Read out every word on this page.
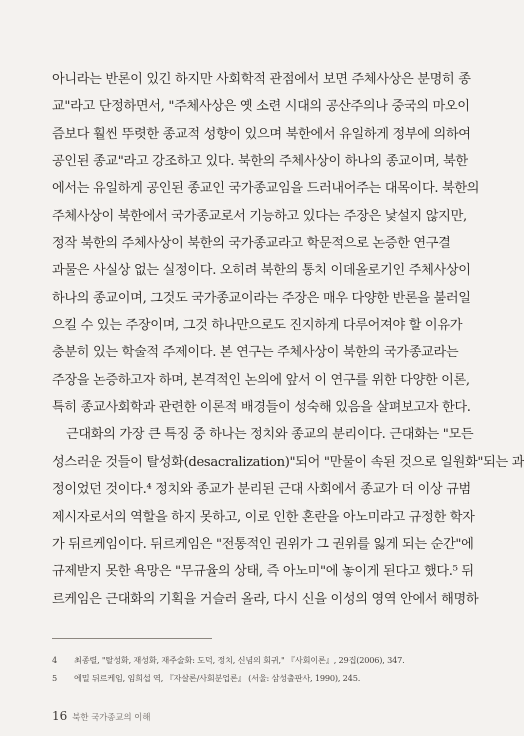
아니라는 반론이 있긴 하지만 사회학적 관점에서 보면 주체사상은 분명히 종
교"라고 단정하면서, "주체사상은 옛 소련 시대의 공산주의나 중국의 마오이
즘보다 훨씬 뚜렷한 종교적 성향이 있으며 북한에서 유일하게 정부에 의하여
공인된 종교"라고 강조하고 있다. 북한의 주체사상이 하나의 종교이며, 북한
에서는 유일하게 공인된 종교인 국가종교임을 드러내어주는 대목이다. 북한의
주체사상이 북한에서 국가종교로서 기능하고 있다는 주장은 낯설지 않지만,
정작 북한의 주체사상이 북한의 국가종교라고 학문적으로 논증한 연구결
과물은 사실상 없는 실정이다. 오히려 북한의 통치 이데올로기인 주체사상이
하나의 종교이며, 그것도 국가종교이라는 주장은 매우 다양한 반론을 불러일
으킬 수 있는 주장이며, 그것 하나만으로도 진지하게 다루어져야 할 이유가
충분히 있는 학술적 주제이다. 본 연구는 주체사상이 북한의 국가종교라는
주장을 논증하고자 하며, 본격적인 논의에 앞서 이 연구를 위한 다양한 이론,
특히 종교사회학과 관련한 이론적 배경들이 성숙해 있음을 살펴보고자 한다.
근대화의 가장 큰 특징 중 하나는 정치와 종교의 분리이다. 근대화는 "모든
성스러운 것들이 탈성화(desacralization)"되어 "만물이 속된 것으로 일원화"되는 과
정이었던 것이다.⁴ 정치와 종교가 분리된 근대 사회에서 종교가 더 이상 규범
제시자로서의 역할을 하지 못하고, 이로 인한 혼란을 아노미라고 규정한 학자
가 뒤르케임이다. 뒤르케임은 "전통적인 권위가 그 권위를 잃게 되는 순간"에
규제받지 못한 욕망은 "무규율의 상태, 즉 아노미"에 놓이게 된다고 했다.⁵ 뒤
르케임은 근대화의 기획을 거슬러 올라, 다시 신을 이성의 영역 안에서 해명하
4	최종렬, "탈성화, 재성화, 재주술화: 도덕, 정치, 신념의 회귀," 『사회이론』, 29집(2006), 347.
5	에밀 뒤르케임, 임희섭 역, 『자살론/사회분업론』 (서울: 삼성출판사, 1990), 245.
16 북한 국가종교의 이해
